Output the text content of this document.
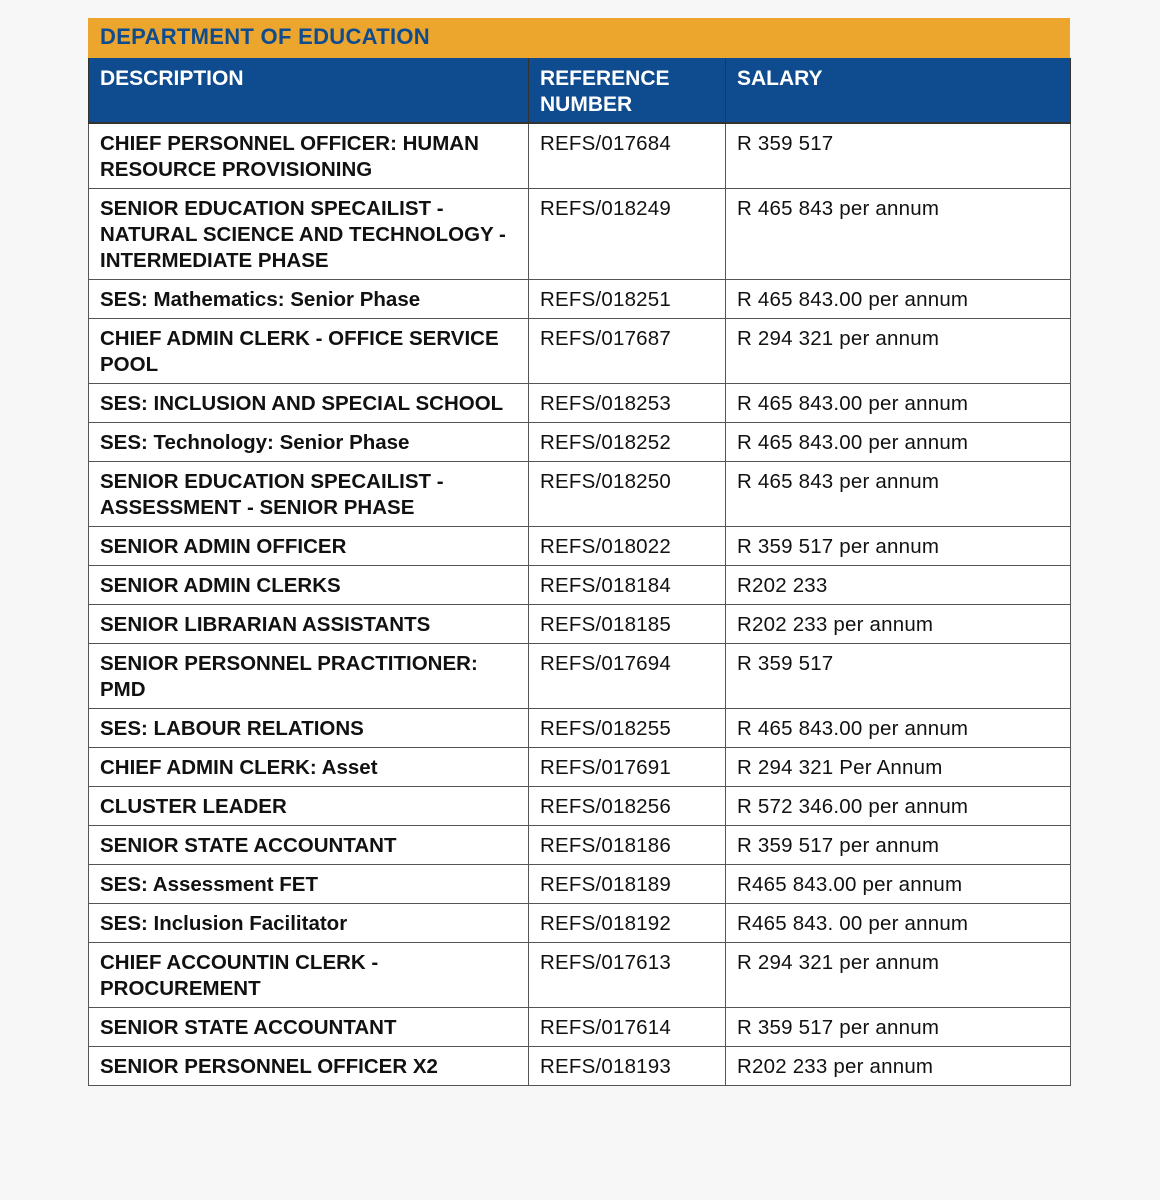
DEPARTMENT OF EDUCATION
DESCRIPTION	REFERENCE NUMBER	SALARY
CHIEF PERSONNEL OFFICER: HUMAN RESOURCE PROVISIONING	REFS/017684	R 359 517
SENIOR EDUCATION SPECAILIST - NATURAL SCIENCE AND TECHNOLOGY - INTERMEDIATE PHASE	REFS/018249	R 465 843 per annum
SES: Mathematics: Senior Phase	REFS/018251	R 465 843.00 per annum
CHIEF ADMIN CLERK - OFFICE SERVICE POOL	REFS/017687	R 294 321 per annum
SES: INCLUSION AND SPECIAL SCHOOL	REFS/018253	R 465 843.00 per annum
SES: Technology: Senior Phase	REFS/018252	R 465 843.00 per annum
SENIOR EDUCATION SPECAILIST - ASSESSMENT - SENIOR PHASE	REFS/018250	R 465 843 per annum
SENIOR ADMIN OFFICER	REFS/018022	R 359 517 per annum
SENIOR ADMIN CLERKS	REFS/018184	R202 233
SENIOR LIBRARIAN ASSISTANTS	REFS/018185	R202 233 per annum
SENIOR PERSONNEL PRACTITIONER: PMD	REFS/017694	R 359 517
SES: LABOUR RELATIONS	REFS/018255	R 465 843.00 per annum
CHIEF ADMIN CLERK: Asset	REFS/017691	R 294 321 Per Annum
CLUSTER LEADER	REFS/018256	R 572 346.00 per annum
SENIOR STATE ACCOUNTANT	REFS/018186	R 359 517 per annum
SES: Assessment FET	REFS/018189	R465 843.00 per annum
SES: Inclusion Facilitator	REFS/018192	R465 843. 00 per annum
CHIEF ACCOUNTIN CLERK - PROCUREMENT	REFS/017613	R 294 321 per annum
SENIOR STATE ACCOUNTANT	REFS/017614	R 359 517 per annum
SENIOR PERSONNEL OFFICER X2	REFS/018193	R202 233 per annum
